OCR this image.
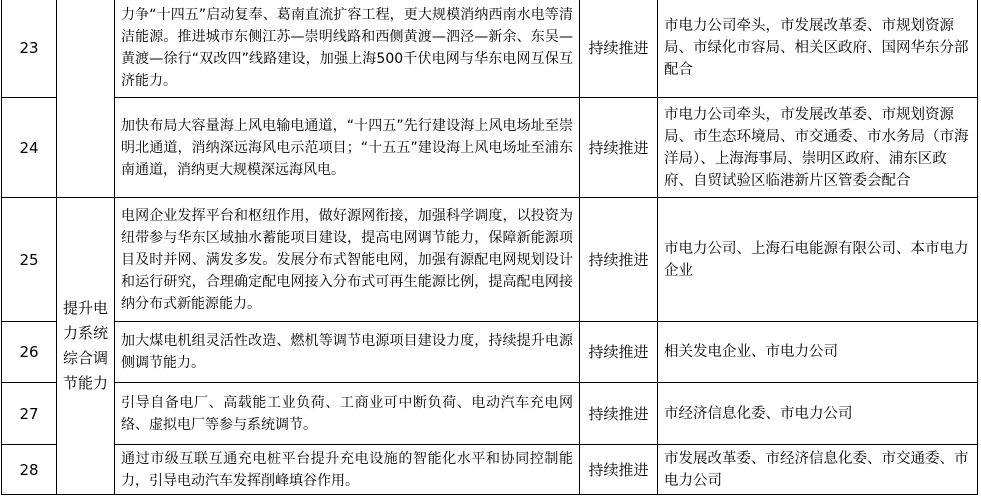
23		力争“十四五”启动复奉、葛南直流扩容工程，更大规模消纳西南水电等清洁能源。推进城市东侧江苏—崇明线路和西侧黄渡—泗泾—新余、东吴—黄渡—徐行“双改四”线路建设，加强上海500千伏电网与华东电网互保互济能力。	持续推进	市电力公司牵头，市发展改革委、市规划资源局、市绿化市容局、相关区政府、国网华东分部配合
24		加快布局大容量海上风电输电通道，“十四五”先行建设海上风电场址至崇明北通道，消纳深远海风电示范项目；“十五五”建设海上风电场址至浦东南通道，消纳更大规模深远海风电。	持续推进	市电力公司牵头，市发展改革委、市规划资源局、市生态环境局、市交通委、市水务局（市海洋局）、上海海事局、崇明区政府、浦东区政府、自贸试验区临港新片区管委会配合
25	提升电力系统综合调节能力	电网企业发挥平台和枢纽作用，做好源网衔接，加强科学调度，以投资为纽带参与华东区域抽水蓄能项目建设，提高电网调节能力，保障新能源项目及时并网、满发多发。发展分布式智能电网，加强有源配电网规划设计和运行研究，合理确定配电网接入分布式可再生能源比例，提高配电网接纳分布式新能源能力。	持续推进	市电力公司、上海石电能源有限公司、本市电力企业
26		加大煤电机组灵活性改造、燃机等调节电源项目建设力度，持续提升电源侧调节能力。	持续推进	相关发电企业、市电力公司
27		引导自备电厂、高载能工业负荷、工商业可中断负荷、电动汽车充电网络、虚拟电厂等参与系统调节。	持续推进	市经济信息化委、市电力公司
28		通过市级互联互通充电桩平台提升充电设施的智能化水平和协同控制能力，引导电动汽车发挥削峰填谷作用。	持续推进	市发展改革委、市经济信息化委、市交通委、市电力公司
